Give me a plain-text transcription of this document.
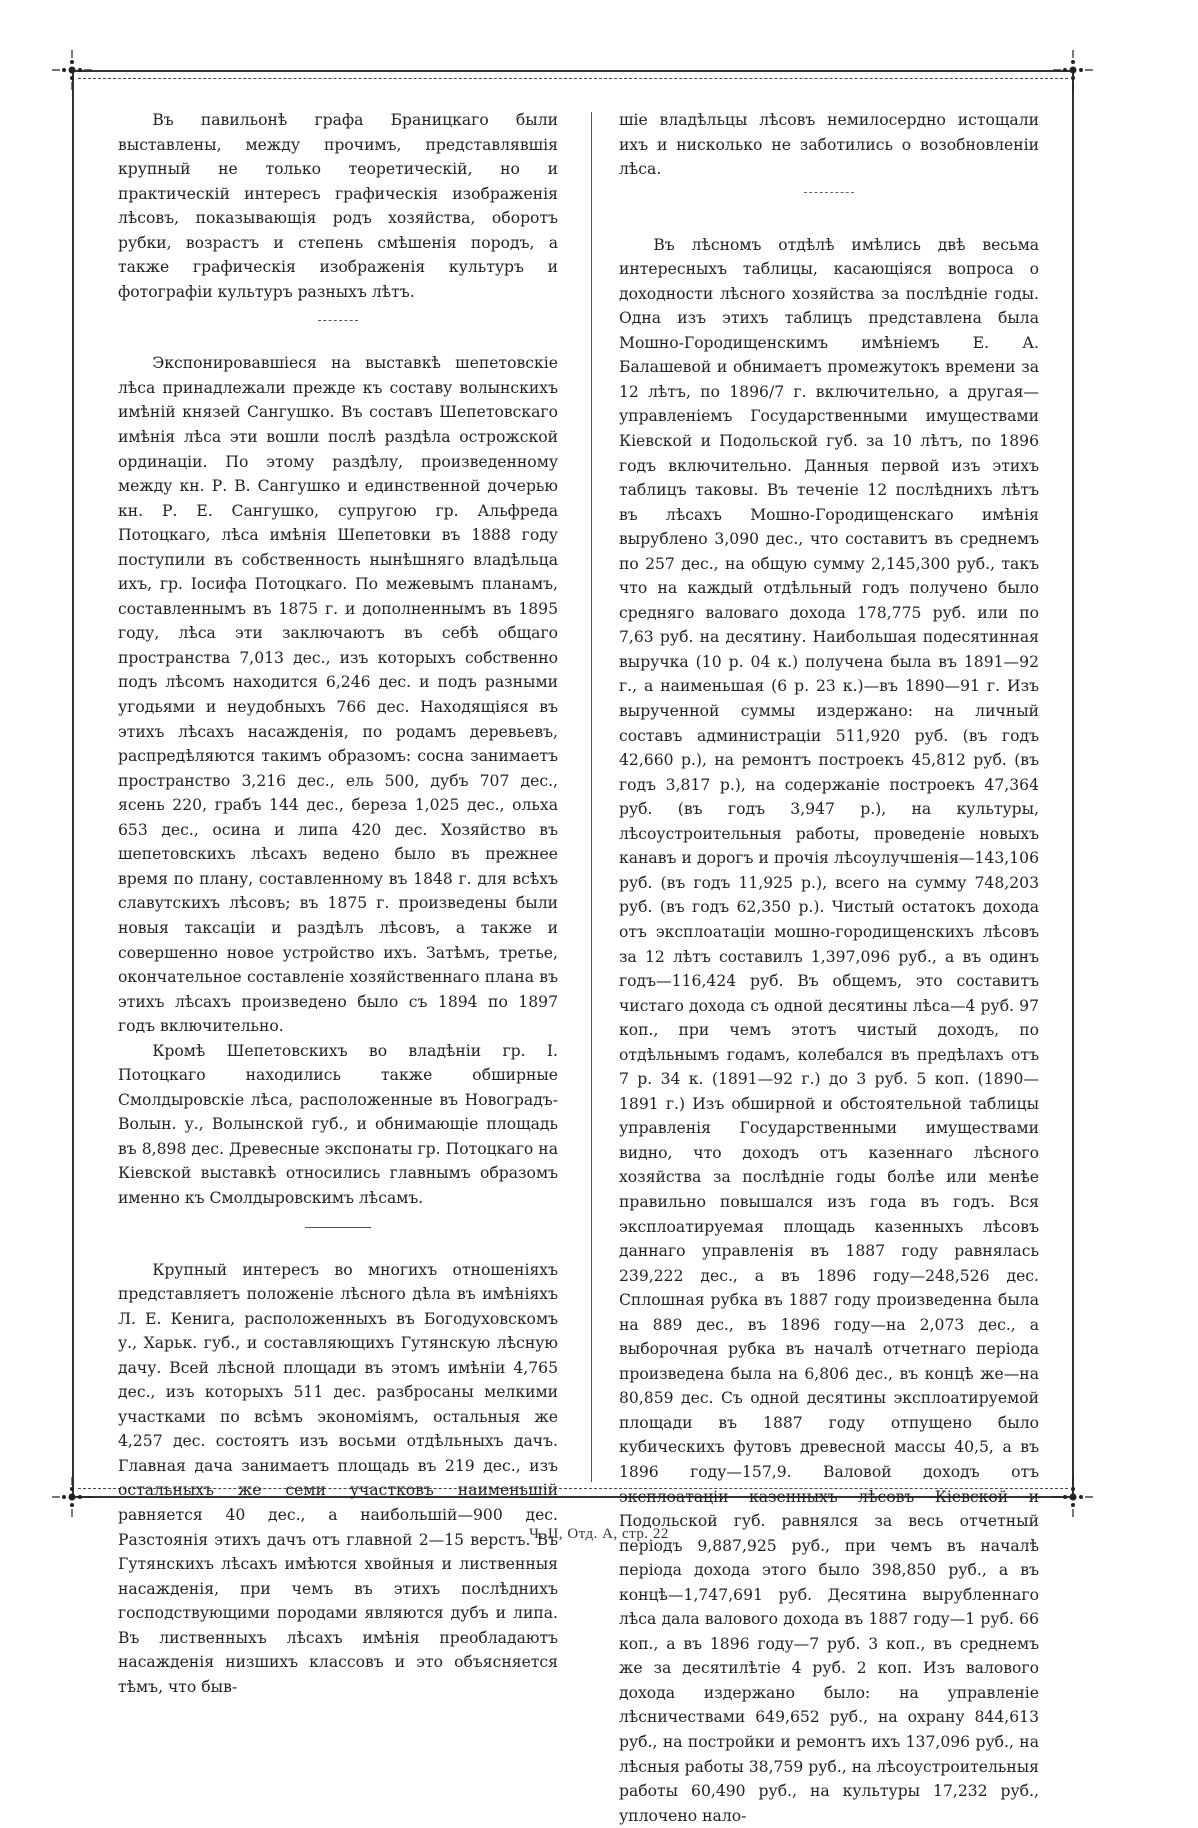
Въ павильонѣ графа Браницкаго были выставлены, между прочимъ, представлявшія крупный не только теоретическій, но и практическій интересъ графическія изображенія лѣсовъ, показывающія родъ хозяйства, оборотъ рубки, возрастъ и степень смѣшенія породъ, а также графическія изображенія культуръ и фотографіи культуръ разныхъ лѣтъ.

Экспонировавшіеся на выставкѣ шепетовскіе лѣса принадлежали прежде къ составу волынскихъ имѣній князей Сангушко. Въ составъ Шепетовскаго имѣнія лѣса эти вошли послѣ раздѣла острожской ординаціи. По этому раздѣлу, произведенному между кн. Р. В. Сангушко и единственной дочерью кн. Р. Е. Сангушко, супругою гр. Альфреда Потоцкаго, лѣса имѣнія Шепетовки въ 1888 году поступили въ собственность нынѣшняго владѣльца ихъ, гр. Іосифа Потоцкаго. По межевымъ планамъ, составленнымъ въ 1875 г. и дополненнымъ въ 1895 году, лѣса эти заключаютъ въ себѣ общаго пространства 7,013 дес., изъ которыхъ собственно подъ лѣсомъ находится 6,246 дес. и подъ разными угодьями и неудобныхъ 766 дес. Находящіяся въ этихъ лѣсахъ насажденія, по родамъ деревьевъ, распредѣляются такимъ образомъ: сосна занимаетъ пространство 3,216 дес., ель 500, дубъ 707 дес., ясень 220, грабъ 144 дес., береза 1,025 дес., ольха 653 дес., осина и липа 420 дес. Хозяйство въ шепетовскихъ лѣсахъ ведено было въ прежнее время по плану, составленному въ 1848 г. для всѣхъ славутскихъ лѣсовъ; въ 1875 г. произведены были новыя таксаціи и раздѣлъ лѣсовъ, а также и совершенно новое устройство ихъ. Затѣмъ, третье, окончательное составленіе хозяйственнаго плана въ этихъ лѣсахъ произведено было съ 1894 по 1897 годъ включительно.

Кромѣ Шепетовскихъ во владѣніи гр. І. Потоцкаго находились также обширные Смолдыровскіе лѣса, расположенные въ Новоградъ-Волын. у., Волынской губ., и обнимающіе площадь въ 8,898 дес. Древесные экспонаты гр. Потоцкаго на Кіевской выставкѣ относились главнымъ образомъ именно къ Смолдыровскимъ лѣсамъ.

Крупный интересъ во многихъ отношеніяхъ представляетъ положеніе лѣсного дѣла въ имѣніяхъ Л. Е. Кенига, расположенныхъ въ Богодуховскомъ у., Харьк. губ., и составляющихъ Гутянскую лѣсную дачу. Всей лѣсной площади въ этомъ имѣніи 4,765 дес., изъ которыхъ 511 дес. разбросаны мелкими участками по всѣмъ экономіямъ, остальныя же 4,257 дес. состоятъ изъ восьми отдѣльныхъ дачъ. Главная дача занимаетъ площадь въ 219 дес., изъ остальныхъ же семи участковъ наименьшій равняется 40 дес., а наибольшій—900 дес. Разстоянія этихъ дачъ отъ главной 2—15 верстъ. Въ Гутянскихъ лѣсахъ имѣются хвойныя и лиственныя насажденія, при чемъ въ этихъ послѣднихъ господствующими породами являются дубъ и липа. Въ лиственныхъ лѣсахъ имѣнія преобладаютъ насажденія низшихъ классовъ и это объясняется тѣмъ, что быв-

шіе владѣльцы лѣсовъ немилосердно истощали ихъ и нисколько не заботились о возобновленіи лѣса.

Въ лѣсномъ отдѣлѣ имѣлись двѣ весьма интересныхъ таблицы, касающіяся вопроса о доходности лѣсного хозяйства за послѣдніе годы. Одна изъ этихъ таблицъ представлена была Мошно-Городищенскимъ имѣніемъ Е. А. Балашевой и обнимаетъ промежутокъ времени за 12 лѣтъ, по 1896/7 г. включительно, а другая—управленіемъ Государственными имуществами Кіевской и Подольской губ. за 10 лѣтъ, по 1896 годъ включительно. Данныя первой изъ этихъ таблицъ таковы. Въ теченіе 12 послѣднихъ лѣтъ въ лѣсахъ Мошно-Городищенскаго имѣнія вырублено 3,090 дес., что составитъ въ среднемъ по 257 дес., на общую сумму 2,145,300 руб., такъ что на каждый отдѣльный годъ получено было средняго валоваго дохода 178,775 руб. или по 7,63 руб. на десятину. Наибольшая подесятинная выручка (10 р. 04 к.) получена была въ 1891—92 г., а наименьшая (6 р. 23 к.)—въ 1890—91 г. Изъ вырученной суммы издержано: на личный составъ администраціи 511,920 руб. (въ годъ 42,660 р.), на ремонтъ построекъ 45,812 руб. (въ годъ 3,817 р.), на содержаніе построекъ 47,364 руб. (въ годъ 3,947 р.), на культуры, лѣсоустроительныя работы, проведеніе новыхъ канавъ и дорогъ и прочія лѣсоулучшенія—143,106 руб. (въ годъ 11,925 р.), всего на сумму 748,203 руб. (въ годъ 62,350 р.). Чистый остатокъ дохода отъ эксплоатаціи мошно-городищенскихъ лѣсовъ за 12 лѣтъ составилъ 1,397,096 руб., а въ одинъ годъ—116,424 руб. Въ общемъ, это составитъ чистаго дохода съ одной десятины лѣса—4 руб. 97 коп., при чемъ этотъ чистый доходъ, по отдѣльнымъ годамъ, колебался въ предѣлахъ отъ 7 р. 34 к. (1891—92 г.) до 3 руб. 5 коп. (1890—1891 г.) Изъ обширной и обстоятельной таблицы управленія Государственными имуществами видно, что доходъ отъ казеннаго лѣсного хозяйства за послѣдніе годы болѣе или менѣе правильно повышался изъ года въ годъ. Вся эксплоатируемая площадь казенныхъ лѣсовъ даннаго управленія въ 1887 году равнялась 239,222 дес., а въ 1896 году—248,526 дес. Сплошная рубка въ 1887 году произведенна была на 889 дес., въ 1896 году—на 2,073 дес., а выборочная рубка въ началѣ отчетнаго періода произведена была на 6,806 дес., въ концѣ же—на 80,859 дес. Съ одной десятины эксплоатируемой площади въ 1887 году отпущено было кубическихъ футовъ древесной массы 40,5, а въ 1896 году—157,9. Валовой доходъ отъ эксплоатаціи казенныхъ лѣсовъ Кіевской и Подольской губ. равнялся за весь отчетный періодъ 9,887,925 руб., при чемъ въ началѣ періода дохода этого было 398,850 руб., а въ концѣ—1,747,691 руб. Десятина вырубленнаго лѣса дала валового дохода въ 1887 году—1 руб. 66 коп., а въ 1896 году—7 руб. 3 коп., въ среднемъ же за десятилѣтіе 4 руб. 2 коп. Изъ валового дохода издержано было: на управленіе лѣсничествами 649,652 руб., на охрану 844,613 руб., на постройки и ремонтъ ихъ 137,096 руб., на лѣсныя работы 38,759 руб., на лѣсоустроительныя работы 60,490 руб., на культуры 17,232 руб., уплочено нало-

Ч. II, Отд. А, стр. 22
